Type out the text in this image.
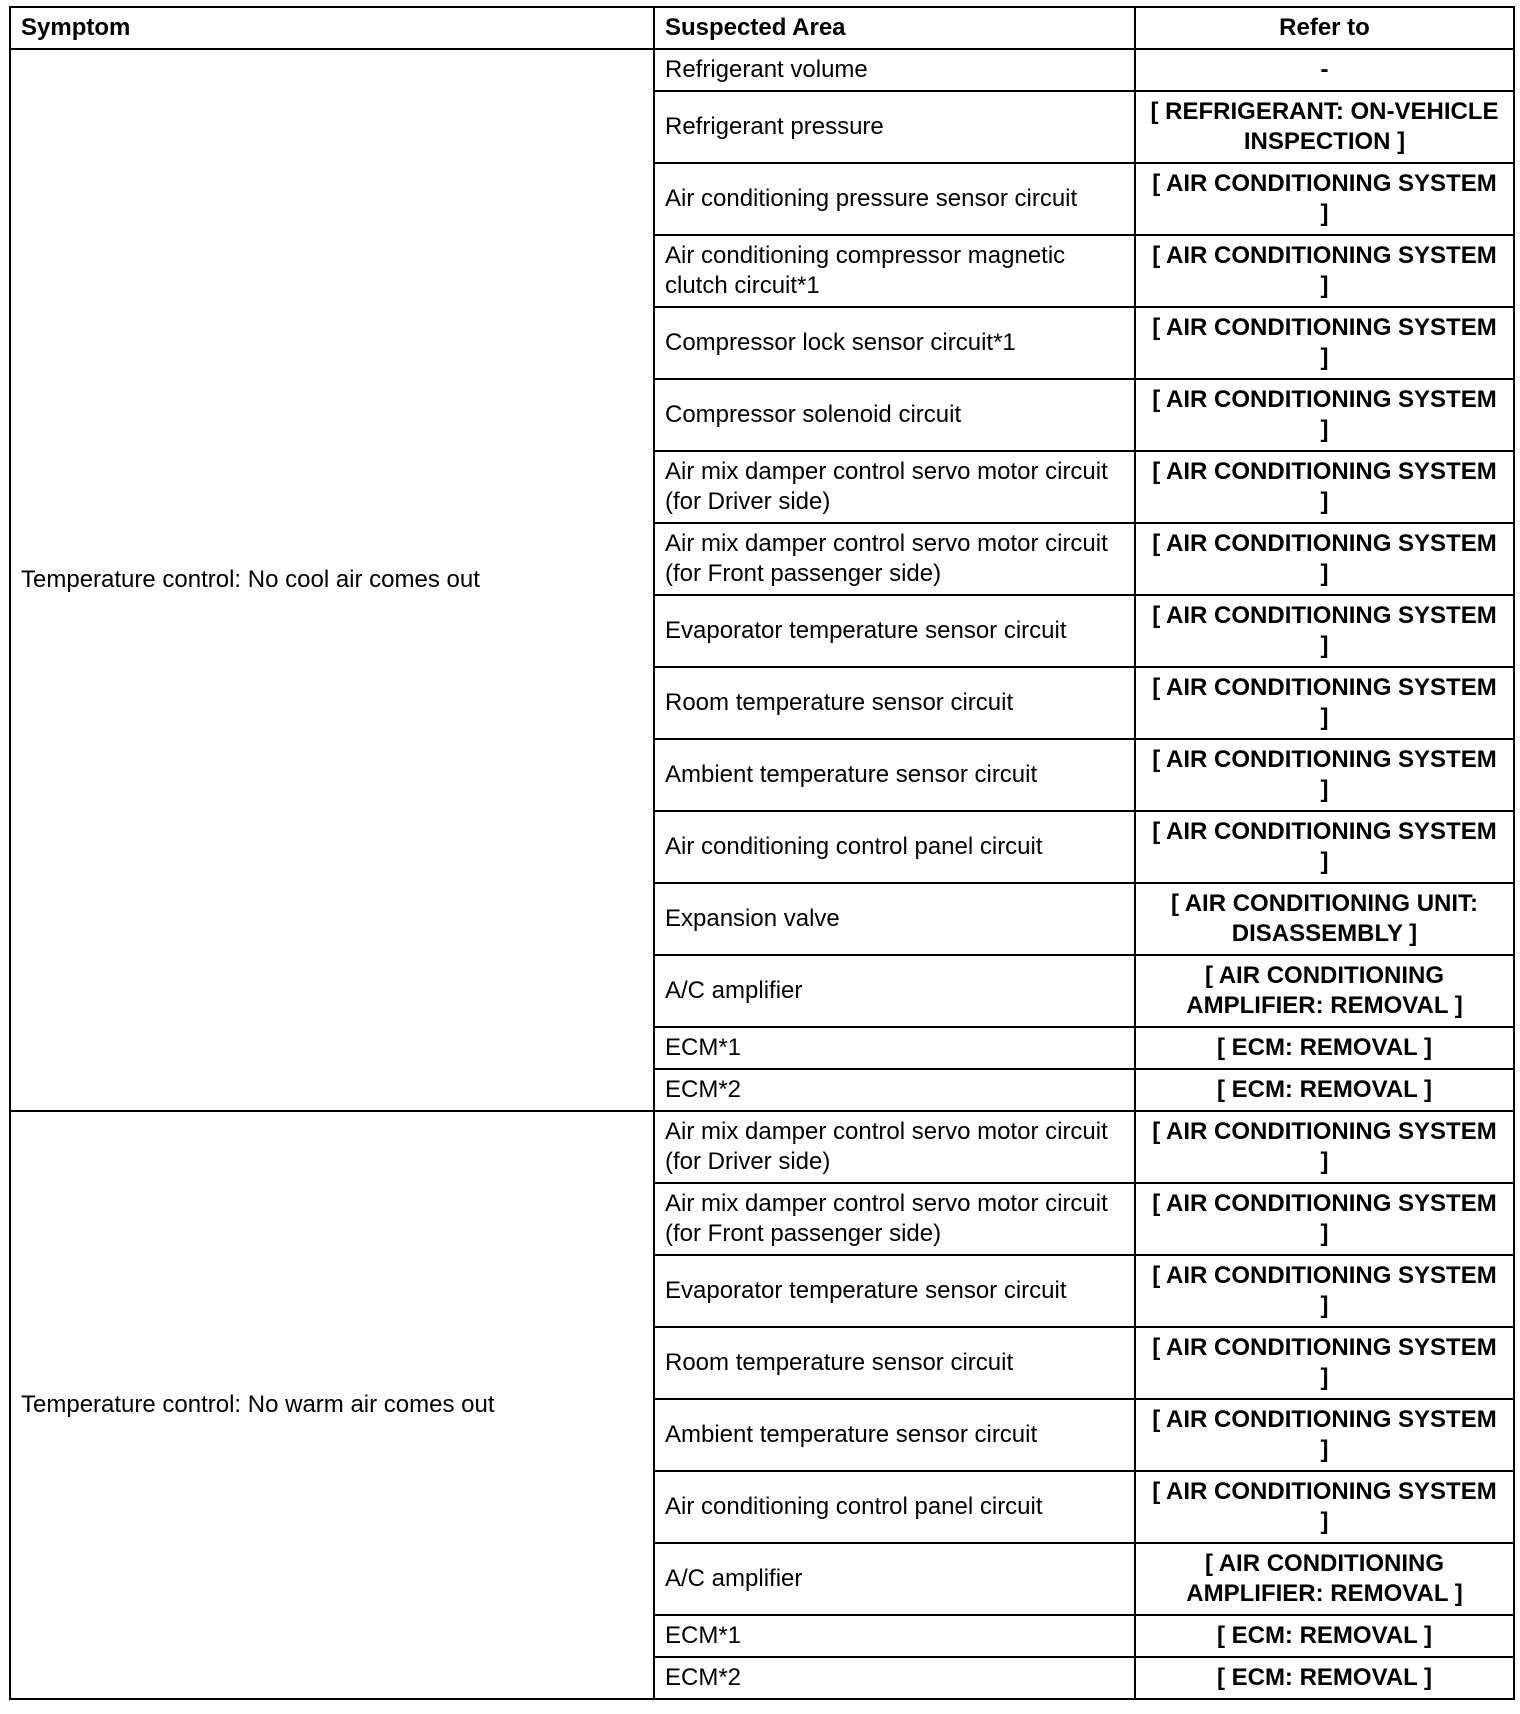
Symptom	Suspected Area	Refer to
Temperature control: No cool air comes out	Refrigerant volume	-
	Refrigerant pressure	[ REFRIGERANT: ON-VEHICLE INSPECTION ]
	Air conditioning pressure sensor circuit	[ AIR CONDITIONING SYSTEM ]
	Air conditioning compressor magnetic clutch circuit*1	[ AIR CONDITIONING SYSTEM ]
	Compressor lock sensor circuit*1	[ AIR CONDITIONING SYSTEM ]
	Compressor solenoid circuit	[ AIR CONDITIONING SYSTEM ]
	Air mix damper control servo motor circuit (for Driver side)	[ AIR CONDITIONING SYSTEM ]
	Air mix damper control servo motor circuit (for Front passenger side)	[ AIR CONDITIONING SYSTEM ]
	Evaporator temperature sensor circuit	[ AIR CONDITIONING SYSTEM ]
	Room temperature sensor circuit	[ AIR CONDITIONING SYSTEM ]
	Ambient temperature sensor circuit	[ AIR CONDITIONING SYSTEM ]
	Air conditioning control panel circuit	[ AIR CONDITIONING SYSTEM ]
	Expansion valve	[ AIR CONDITIONING UNIT: DISASSEMBLY ]
	A/C amplifier	[ AIR CONDITIONING AMPLIFIER: REMOVAL ]
	ECM*1	[ ECM: REMOVAL ]
	ECM*2	[ ECM: REMOVAL ]
Temperature control: No warm air comes out	Air mix damper control servo motor circuit (for Driver side)	[ AIR CONDITIONING SYSTEM ]
	Air mix damper control servo motor circuit (for Front passenger side)	[ AIR CONDITIONING SYSTEM ]
	Evaporator temperature sensor circuit	[ AIR CONDITIONING SYSTEM ]
	Room temperature sensor circuit	[ AIR CONDITIONING SYSTEM ]
	Ambient temperature sensor circuit	[ AIR CONDITIONING SYSTEM ]
	Air conditioning control panel circuit	[ AIR CONDITIONING SYSTEM ]
	A/C amplifier	[ AIR CONDITIONING AMPLIFIER: REMOVAL ]
	ECM*1	[ ECM: REMOVAL ]
	ECM*2	[ ECM: REMOVAL ]
